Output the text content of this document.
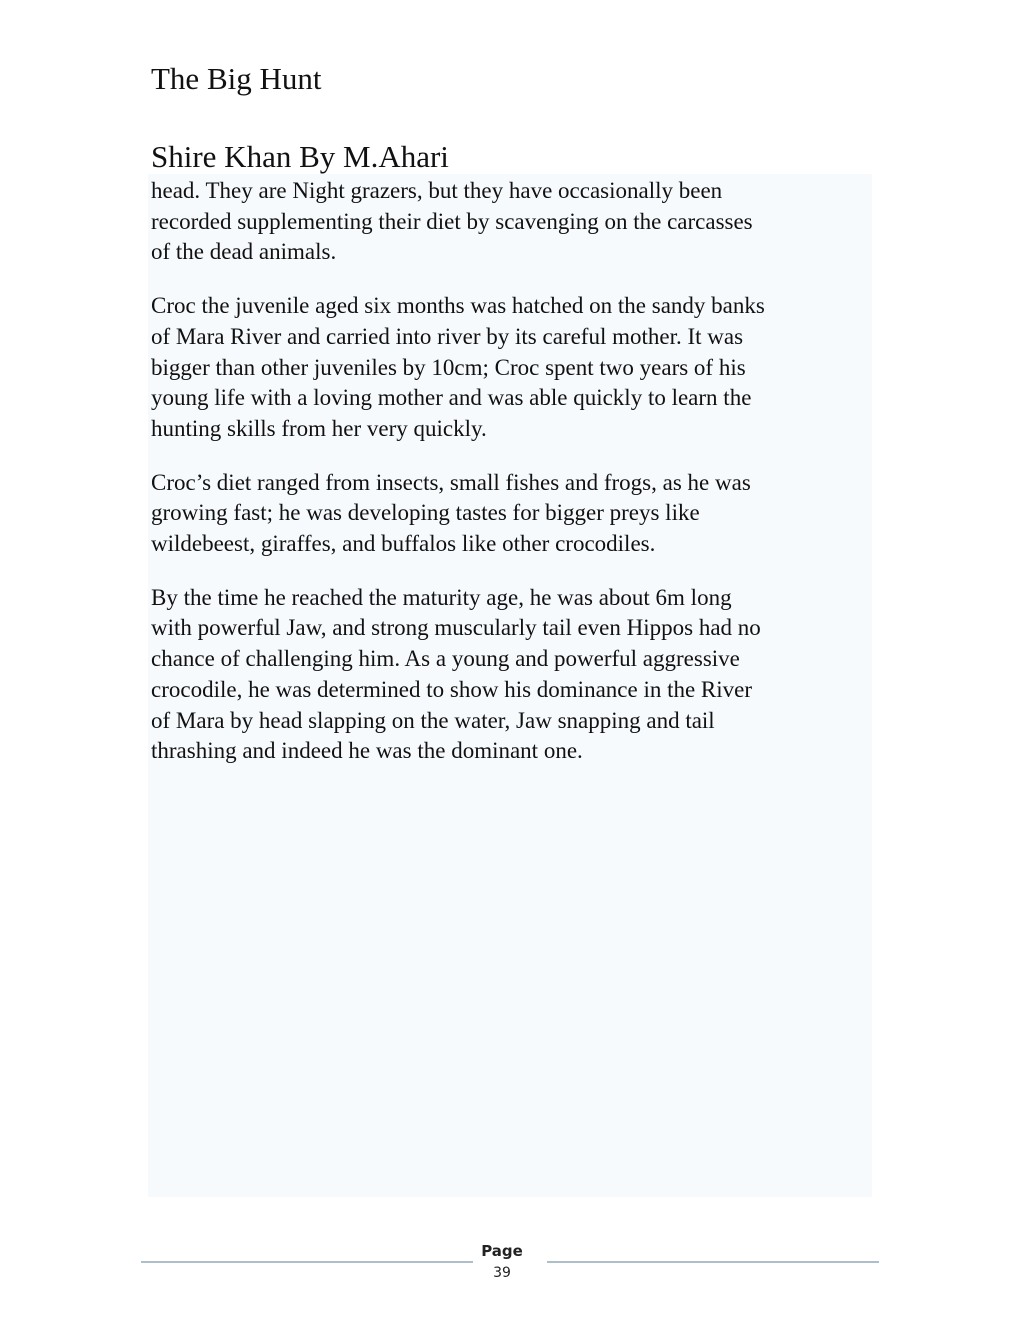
The Big Hunt
Shire Khan By M.Ahari

head. They are Night grazers, but they have occasionally been
recorded supplementing their diet by scavenging on the carcasses
of the dead animals.

Croc the juvenile aged six months was hatched on the sandy banks
of Mara River and carried into river by its careful mother. It was
bigger than other juveniles by 10cm; Croc spent two years of his
young life with a loving mother and was able quickly to learn the
hunting skills from her very quickly.

Croc’s diet ranged from insects, small fishes and frogs, as he was
growing fast; he was developing tastes for bigger preys like
wildebeest, giraffes, and buffalos like other crocodiles.

By the time he reached the maturity age, he was about 6m long
with powerful Jaw, and strong muscularly tail even Hippos had no
chance of challenging him. As a young and powerful aggressive
crocodile, he was determined to show his dominance in the River
of Mara by head slapping on the water, Jaw snapping and tail
thrashing and indeed he was the dominant one.

Page
39
